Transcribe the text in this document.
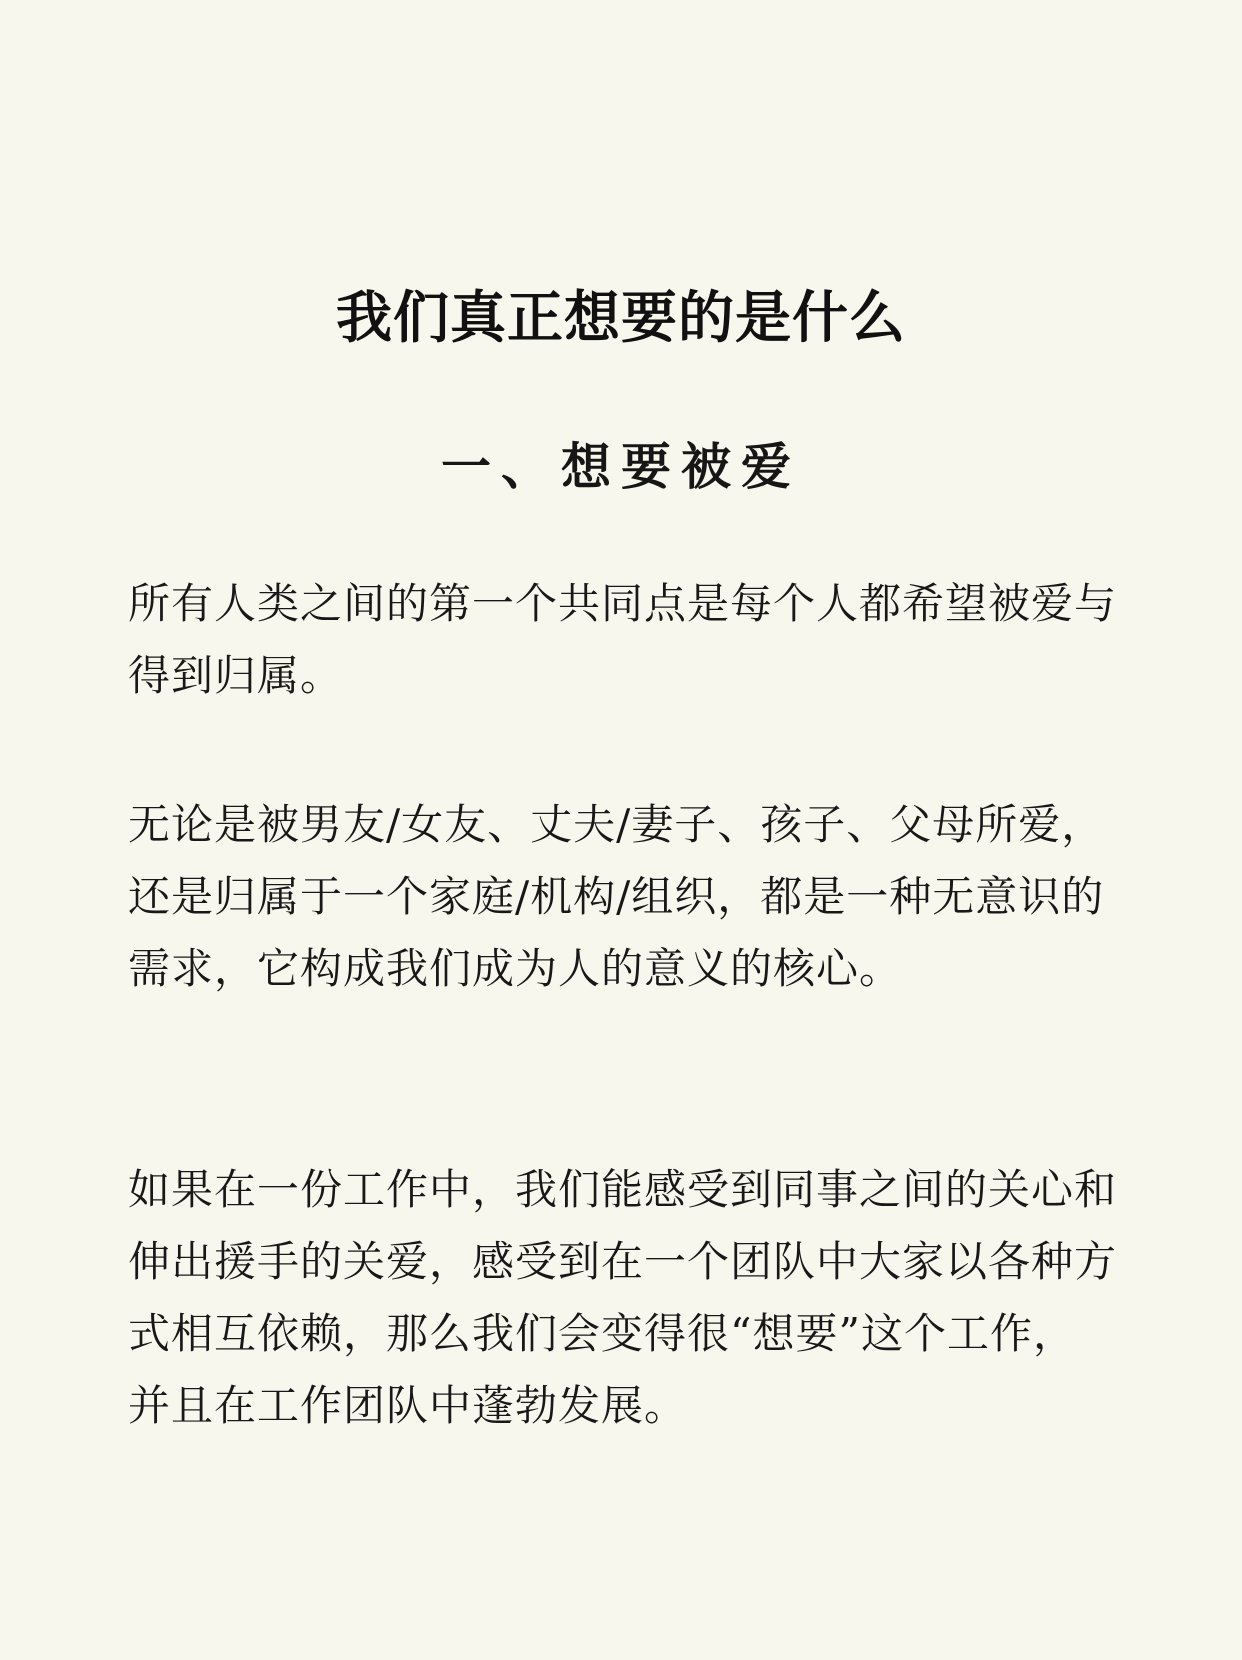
我们真正想要的是什么
一、想要被爱

所有人类之间的第一个共同点是每个人都希望被爱与得到归属。

无论是被男友/女友、丈夫/妻子、孩子、父母所爱，还是归属于一个家庭/机构/组织，都是一种无意识的需求，它构成我们成为人的意义的核心。

如果在一份工作中，我们能感受到同事之间的关心和伸出援手的关爱，感受到在一个团队中大家以各种方式相互依赖，那么我们会变得很“想要”这个工作，并且在工作团队中蓬勃发展。
